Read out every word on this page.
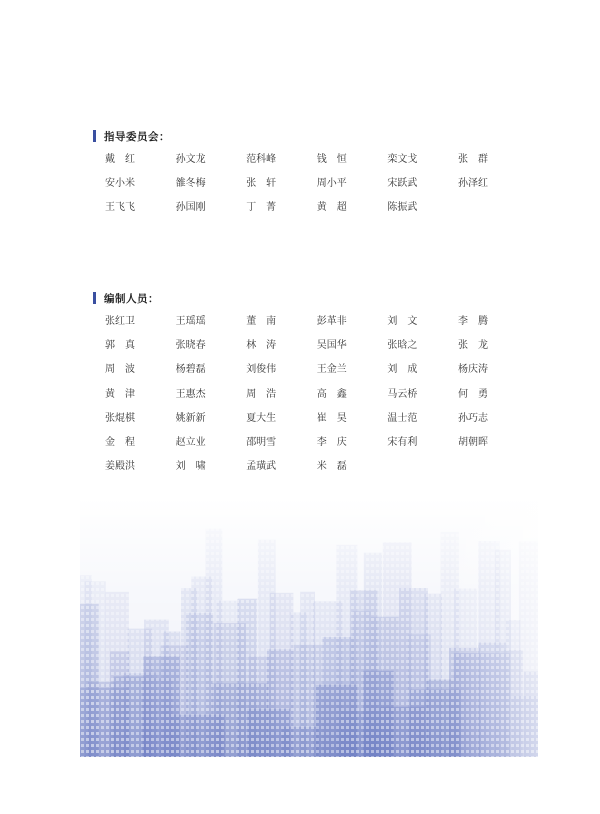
指导委员会：
戴　红	孙文龙	范科峰	钱　恒	栾文戈	张　群
安小米	雒冬梅	张　轩	周小平	宋跃武	孙泽红
王飞飞	孙国刚	丁　菁	黄　超	陈振武
编制人员：
张红卫	王瑶瑶	董　南	彭革非	刘　文	李　腾
郭　真	张晓春	林　涛	吴国华	张晗之	张　龙
周　波	杨碧磊	刘俊伟	王金兰	刘　成	杨庆涛
黄　津	王惠杰	周　浩	高　鑫	马云桥	何　勇
张焜棋	姚新新	夏大生	崔　昊	温士范	孙巧志
金　程	赵立业	邵明雪	李　庆	宋有利	胡朝晖
姜殿洪	刘　啸	孟璜武	米　磊
